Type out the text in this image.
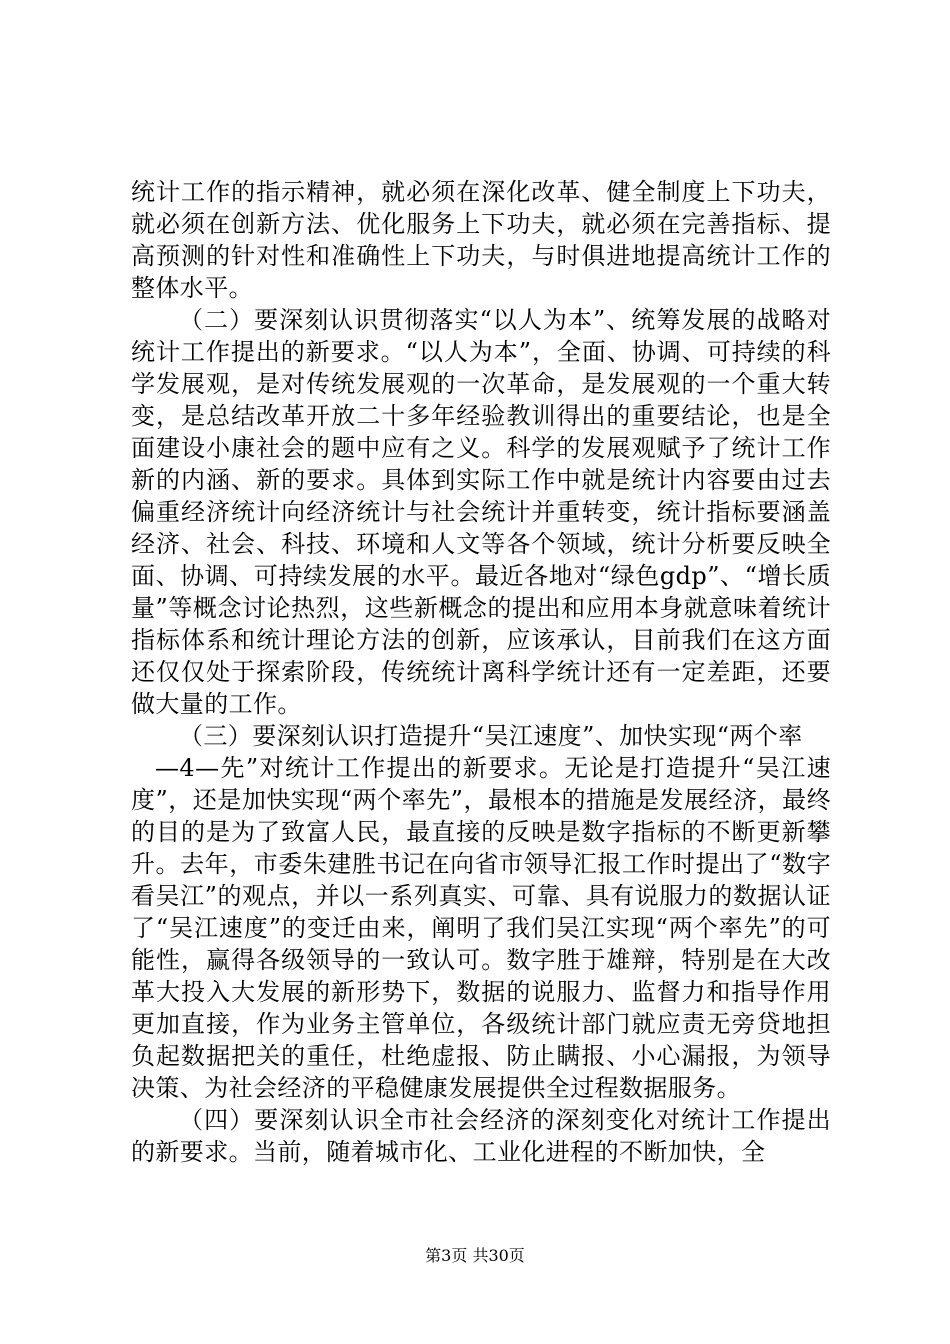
统计工作的指示精神，就必须在深化改革、健全制度上下功夫，就必须在创新方法、优化服务上下功夫，就必须在完善指标、提高预测的针对性和准确性上下功夫，与时俱进地提高统计工作的整体水平。

（二）要深刻认识贯彻落实“以人为本”、统筹发展的战略对统计工作提出的新要求。“以人为本”，全面、协调、可持续的科学发展观，是对传统发展观的一次革命，是发展观的一个重大转变，是总结改革开放二十多年经验教训得出的重要结论，也是全面建设小康社会的题中应有之义。科学的发展观赋予了统计工作新的内涵、新的要求。具体到实际工作中就是统计内容要由过去偏重经济统计向经济统计与社会统计并重转变，统计指标要涵盖经济、社会、科技、环境和人文等各个领域，统计分析要反映全面、协调、可持续发展的水平。最近各地对“绿色gdp”、“增长质量”等概念讨论热烈，这些新概念的提出和应用本身就意味着统计指标体系和统计理论方法的创新，应该承认，目前我们在这方面还仅仅处于探索阶段，传统统计离科学统计还有一定差距，还要做大量的工作。

（三）要深刻认识打造提升“吴江速度”、加快实现“两个率

—4—先”对统计工作提出的新要求。无论是打造提升“吴江速度”，还是加快实现“两个率先”，最根本的措施是发展经济，最终的目的是为了致富人民，最直接的反映是数字指标的不断更新攀升。去年，市委朱建胜书记在向省市领导汇报工作时提出了“数字看吴江”的观点，并以一系列真实、可靠、具有说服力的数据认证了“吴江速度”的变迁由来，阐明了我们吴江实现“两个率先”的可能性，赢得各级领导的一致认可。数字胜于雄辩，特别是在大改革大投入大发展的新形势下，数据的说服力、监督力和指导作用更加直接，作为业务主管单位，各级统计部门就应责无旁贷地担负起数据把关的重任，杜绝虚报、防止瞒报、小心漏报，为领导决策、为社会经济的平稳健康发展提供全过程数据服务。

（四）要深刻认识全市社会经济的深刻变化对统计工作提出的新要求。当前，随着城市化、工业化进程的不断加快，全

第3页 共30页
